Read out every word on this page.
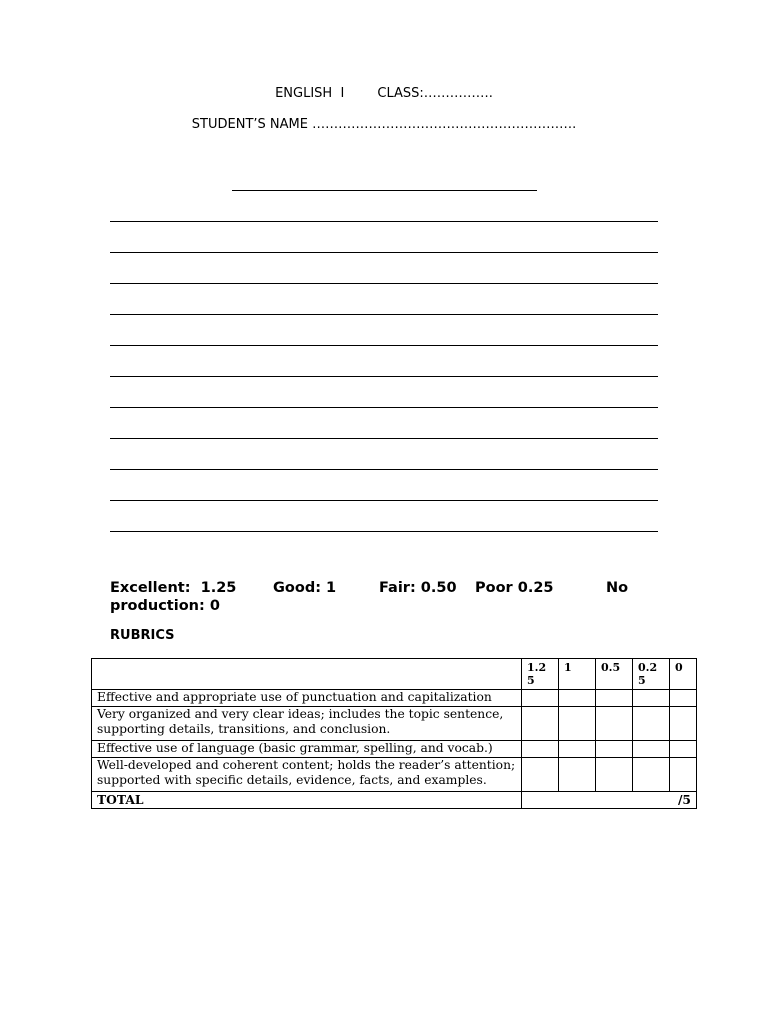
ENGLISH  I        CLASS:…………….
STUDENT’S NAME …………………………………………………….
Excellent:  1.25	Good: 1	Fair: 0.50 Poor 0.25	No
production: 0
RUBRICS
	1.25	1	0.5	0.25	0
Effective and appropriate use of punctuation and capitalization					
Very organized and very clear ideas; includes the topic sentence, supporting details, transitions, and conclusion.					
Effective use of language (basic grammar, spelling, and vocab.)					
Well-developed and coherent content; holds the reader’s attention; supported with specific details, evidence, facts, and examples.					
TOTAL	/5				
